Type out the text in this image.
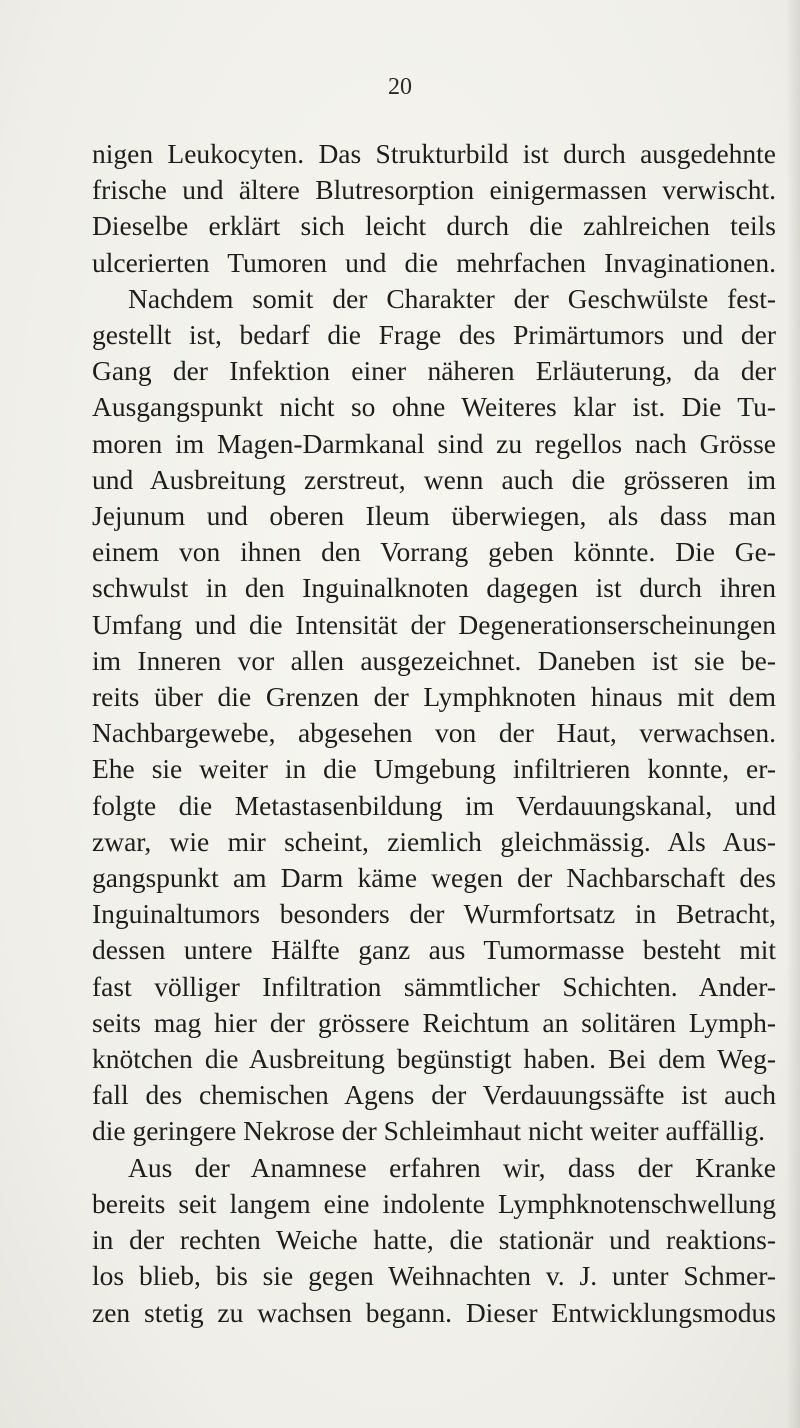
20
nigen Leukocyten. Das Strukturbild ist durch ausgedehnte
frische und ältere Blutresorption einigermassen verwischt.
Dieselbe erklärt sich leicht durch die zahlreichen teils
ulcerierten Tumoren und die mehrfachen Invaginationen.
Nachdem somit der Charakter der Geschwülste fest-
gestellt ist, bedarf die Frage des Primärtumors und der
Gang der Infektion einer näheren Erläuterung, da der
Ausgangspunkt nicht so ohne Weiteres klar ist. Die Tu-
moren im Magen-Darmkanal sind zu regellos nach Grösse
und Ausbreitung zerstreut, wenn auch die grösseren im
Jejunum und oberen Ileum überwiegen, als dass man
einem von ihnen den Vorrang geben könnte. Die Ge-
schwulst in den Inguinalknoten dagegen ist durch ihren
Umfang und die Intensität der Degenerationserscheinungen
im Inneren vor allen ausgezeichnet. Daneben ist sie be-
reits über die Grenzen der Lymphknoten hinaus mit dem
Nachbargewebe, abgesehen von der Haut, verwachsen.
Ehe sie weiter in die Umgebung infiltrieren konnte, er-
folgte die Metastasenbildung im Verdauungskanal, und
zwar, wie mir scheint, ziemlich gleichmässig. Als Aus-
gangspunkt am Darm käme wegen der Nachbarschaft des
Inguinaltumors besonders der Wurmfortsatz in Betracht,
dessen untere Hälfte ganz aus Tumormasse besteht mit
fast völliger Infiltration sämmtlicher Schichten. Ander-
seits mag hier der grössere Reichtum an solitären Lymph-
knötchen die Ausbreitung begünstigt haben. Bei dem Weg-
fall des chemischen Agens der Verdauungssäfte ist auch
die geringere Nekrose der Schleimhaut nicht weiter auffällig.
Aus der Anamnese erfahren wir, dass der Kranke
bereits seit langem eine indolente Lymphknotenschwellung
in der rechten Weiche hatte, die stationär und reaktions-
los blieb, bis sie gegen Weihnachten v. J. unter Schmer-
zen stetig zu wachsen begann. Dieser Entwicklungsmodus
